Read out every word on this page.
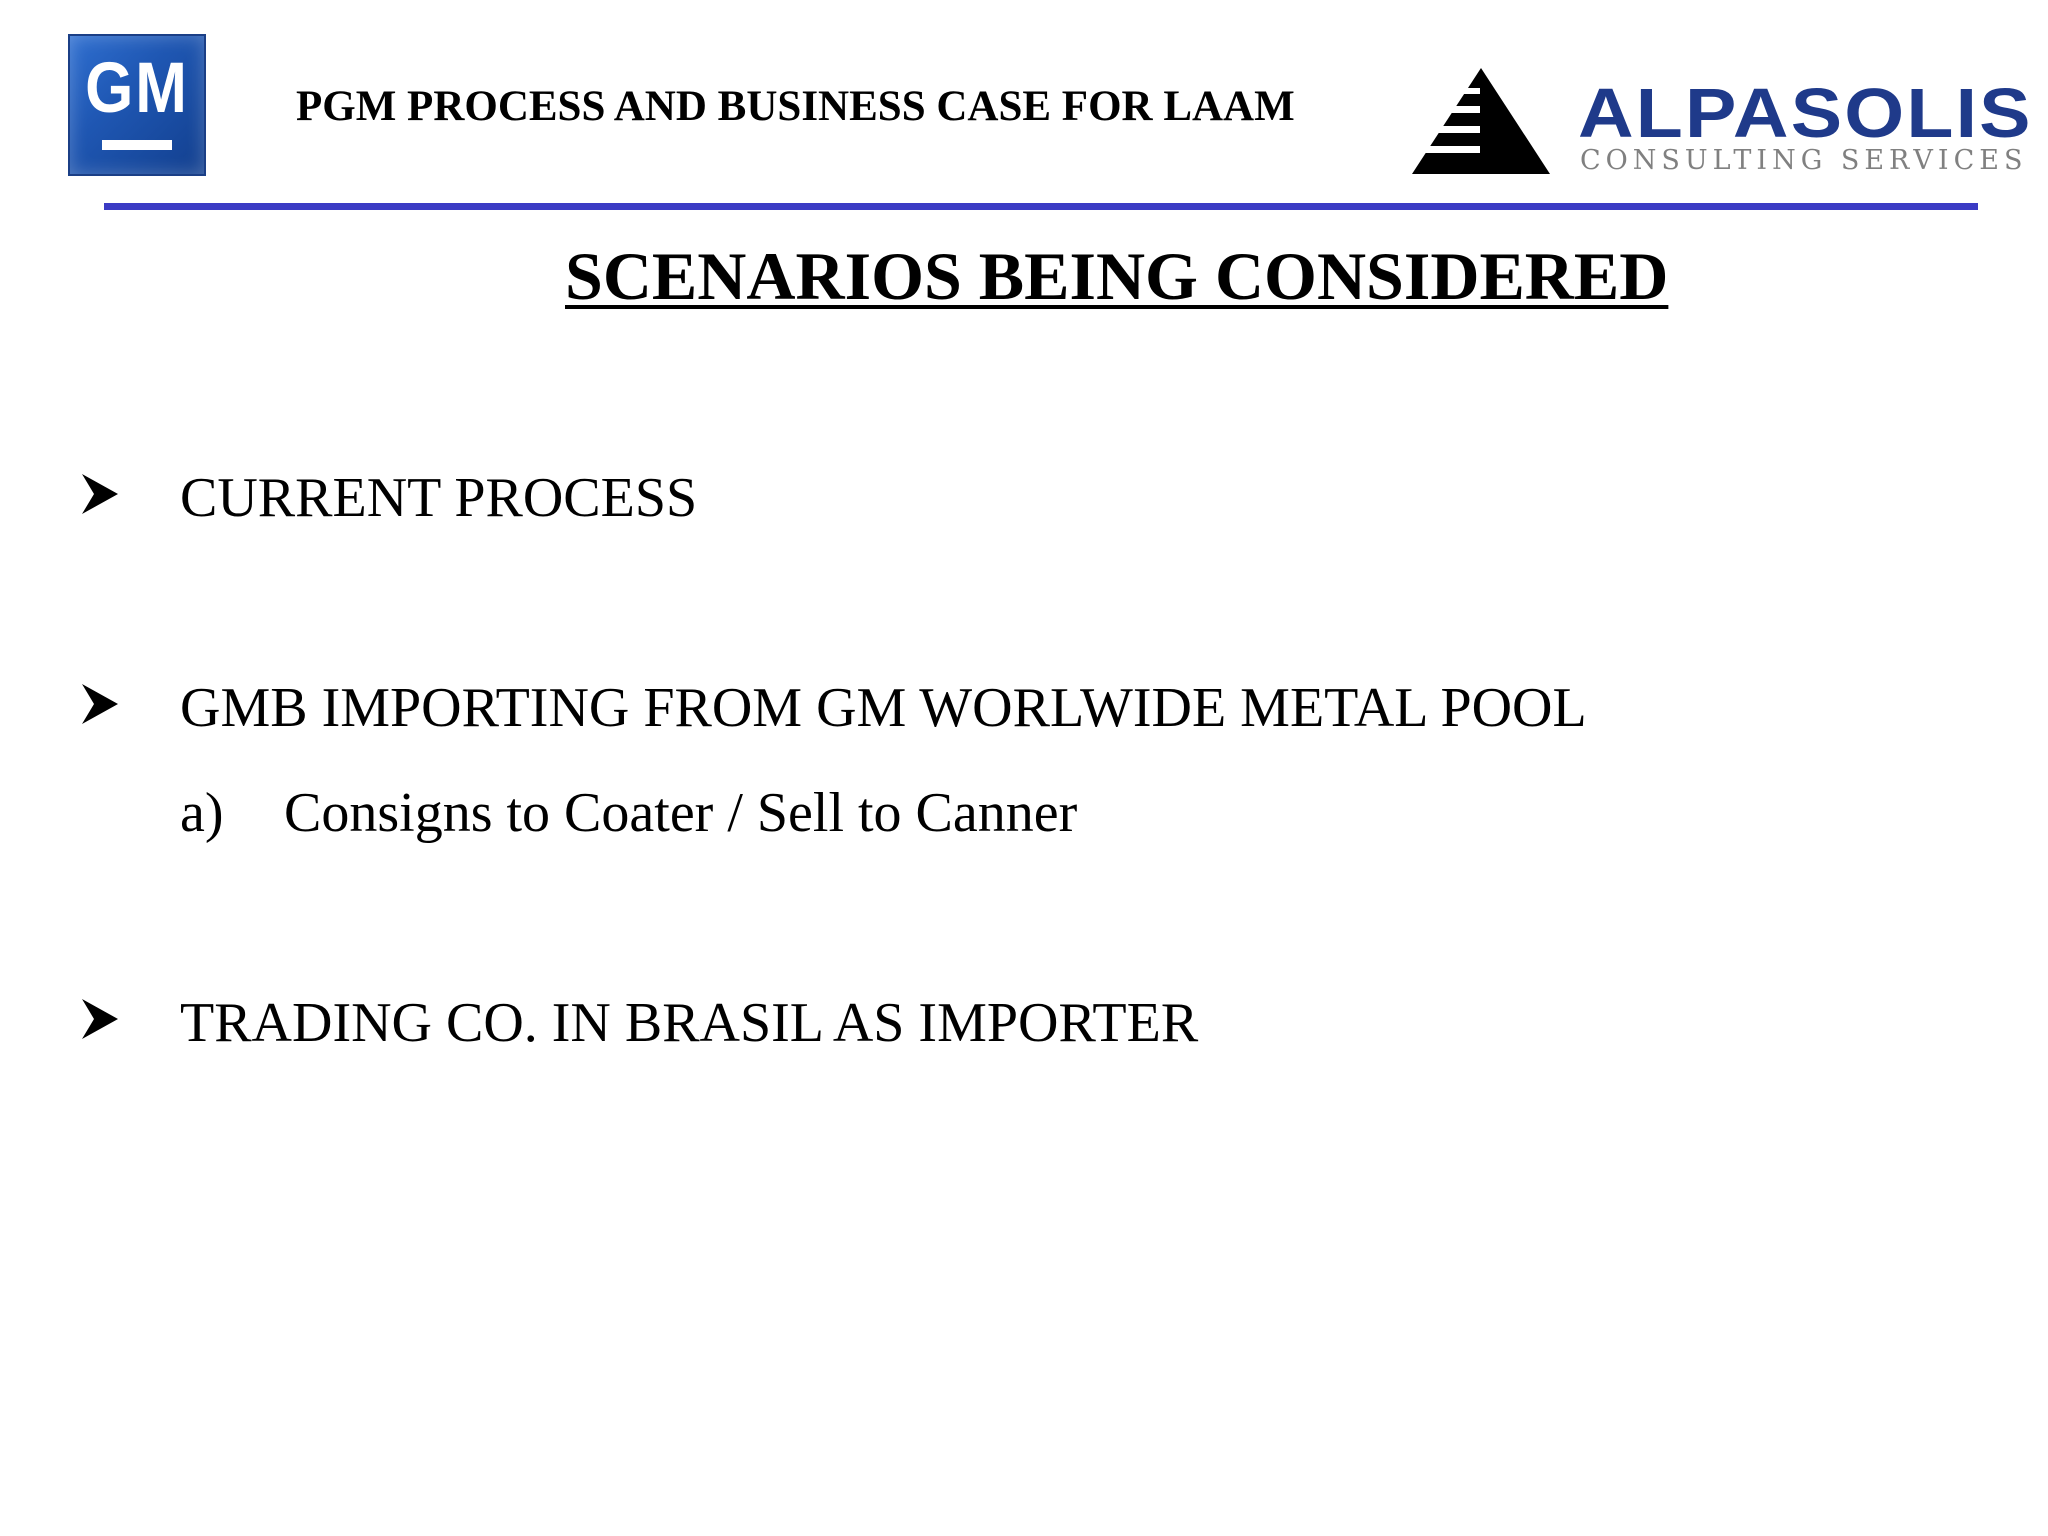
GM	PGM PROCESS AND BUSINESS CASE FOR LAAM	ALPASOLIS
CONSULTING SERVICES
SCENARIOS BEING CONSIDERED
CURRENT PROCESS
GMB IMPORTING FROM GM WORLWIDE METAL POOL
a) Consigns to Coater / Sell to Canner
TRADING CO. IN BRASIL AS IMPORTER
